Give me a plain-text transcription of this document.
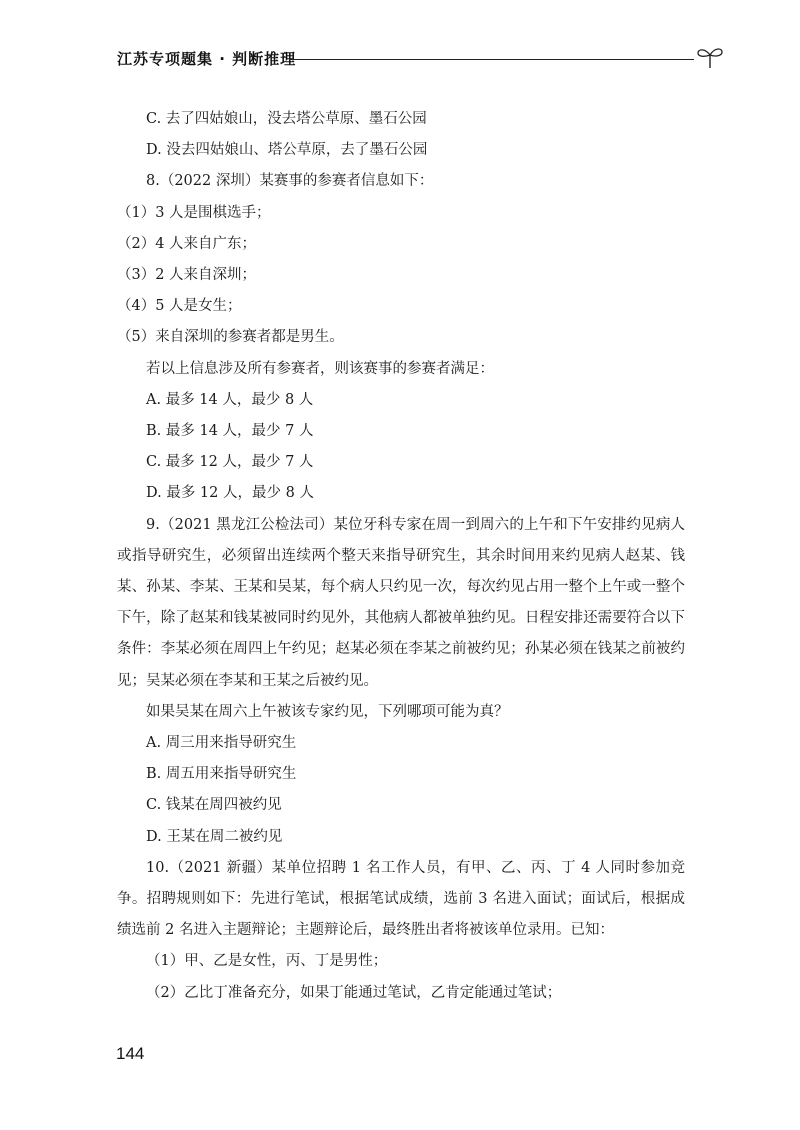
江苏专项题集 · 判断推理
C. 去了四姑娘山，没去塔公草原、墨石公园
D. 没去四姑娘山、塔公草原，去了墨石公园
8.（2022 深圳）某赛事的参赛者信息如下：
（1）3 人是围棋选手；
（2）4 人来自广东；
（3）2 人来自深圳；
（4）5 人是女生；
（5）来自深圳的参赛者都是男生。
若以上信息涉及所有参赛者，则该赛事的参赛者满足：
A. 最多 14 人，最少 8 人
B. 最多 14 人，最少 7 人
C. 最多 12 人，最少 7 人
D. 最多 12 人，最少 8 人
9.（2021 黑龙江公检法司）某位牙科专家在周一到周六的上午和下午安排约见病人或指导研究生，必须留出连续两个整天来指导研究生，其余时间用来约见病人赵某、钱某、孙某、李某、王某和吴某，每个病人只约见一次，每次约见占用一整个上午或一整个下午，除了赵某和钱某被同时约见外，其他病人都被单独约见。日程安排还需要符合以下条件：李某必须在周四上午约见；赵某必须在李某之前被约见；孙某必须在钱某之前被约见；吴某必须在李某和王某之后被约见。
如果吴某在周六上午被该专家约见，下列哪项可能为真？
A. 周三用来指导研究生
B. 周五用来指导研究生
C. 钱某在周四被约见
D. 王某在周二被约见
10.（2021 新疆）某单位招聘 1 名工作人员，有甲、乙、丙、丁 4 人同时参加竞争。招聘规则如下：先进行笔试，根据笔试成绩，选前 3 名进入面试；面试后，根据成绩选前 2 名进入主题辩论；主题辩论后，最终胜出者将被该单位录用。已知：
（1）甲、乙是女性，丙、丁是男性；
（2）乙比丁准备充分，如果丁能通过笔试，乙肯定能通过笔试；
144
